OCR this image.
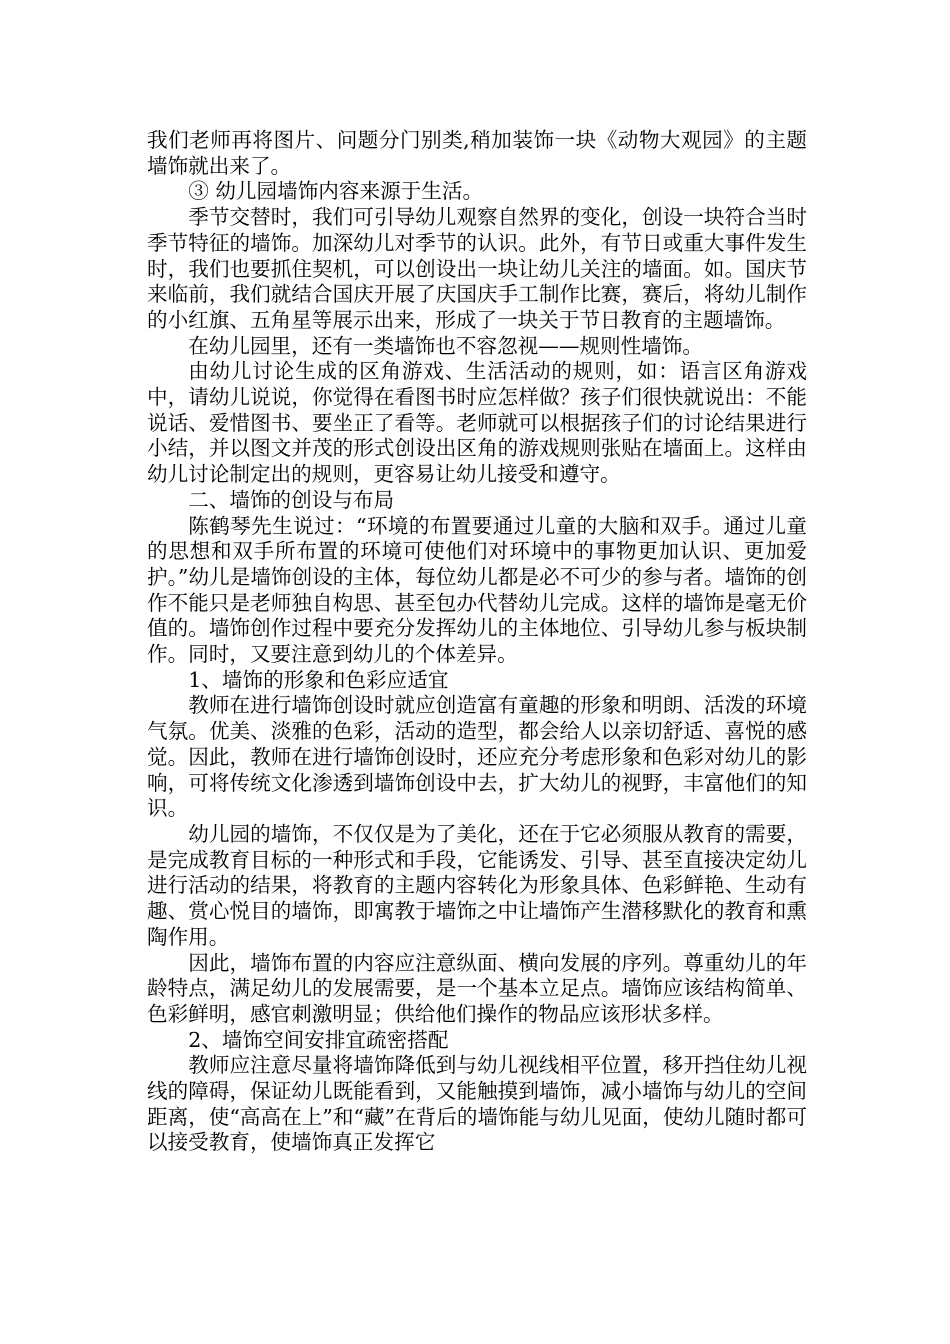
我们老师再将图片、问题分门别类,稍加装饰一块《动物大观园》的主题墙饰就出来了。

③ 幼儿园墙饰内容来源于生活。

季节交替时，我们可引导幼儿观察自然界的变化，创设一块符合当时季节特征的墙饰。加深幼儿对季节的认识。此外，有节日或重大事件发生时，我们也要抓住契机，可以创设出一块让幼儿关注的墙面。如。国庆节来临前，我们就结合国庆开展了庆国庆手工制作比赛，赛后，将幼儿制作的小红旗、五角星等展示出来，形成了一块关于节日教育的主题墙饰。

在幼儿园里，还有一类墙饰也不容忽视——规则性墙饰。

由幼儿讨论生成的区角游戏、生活活动的规则，如：语言区角游戏中，请幼儿说说，你觉得在看图书时应怎样做？孩子们很快就说出：不能说话、爱惜图书、要坐正了看等。老师就可以根据孩子们的讨论结果进行小结，并以图文并茂的形式创设出区角的游戏规则张贴在墙面上。这样由幼儿讨论制定出的规则，更容易让幼儿接受和遵守。

二、墙饰的创设与布局

陈鹤琴先生说过：“环境的布置要通过儿童的大脑和双手。通过儿童的思想和双手所布置的环境可使他们对环境中的事物更加认识、更加爱护。”幼儿是墙饰创设的主体，每位幼儿都是必不可少的参与者。墙饰的创作不能只是老师独自构思、甚至包办代替幼儿完成。这样的墙饰是毫无价值的。墙饰创作过程中要充分发挥幼儿的主体地位、引导幼儿参与板块制作。同时，又要注意到幼儿的个体差异。

1、墙饰的形象和色彩应适宜

教师在进行墙饰创设时就应创造富有童趣的形象和明朗、活泼的环境气氛。优美、淡雅的色彩，活动的造型，都会给人以亲切舒适、喜悦的感觉。因此，教师在进行墙饰创设时，还应充分考虑形象和色彩对幼儿的影响，可将传统文化渗透到墙饰创设中去，扩大幼儿的视野，丰富他们的知识。

幼儿园的墙饰，不仅仅是为了美化，还在于它必须服从教育的需要，是完成教育目标的一种形式和手段，它能诱发、引导、甚至直接决定幼儿进行活动的结果，将教育的主题内容转化为形象具体、色彩鲜艳、生动有趣、赏心悦目的墙饰，即寓教于墙饰之中让墙饰产生潜移默化的教育和熏陶作用。

因此，墙饰布置的内容应注意纵面、横向发展的序列。尊重幼儿的年龄特点，满足幼儿的发展需要，是一个基本立足点。墙饰应该结构简单、色彩鲜明，感官刺激明显；供给他们操作的物品应该形状多样。

2、墙饰空间安排宜疏密搭配

教师应注意尽量将墙饰降低到与幼儿视线相平位置，移开挡住幼儿视线的障碍，保证幼儿既能看到，又能触摸到墙饰，减小墙饰与幼儿的空间距离，使“高高在上”和“藏”在背后的墙饰能与幼儿见面，使幼儿随时都可以接受教育，使墙饰真正发挥它
